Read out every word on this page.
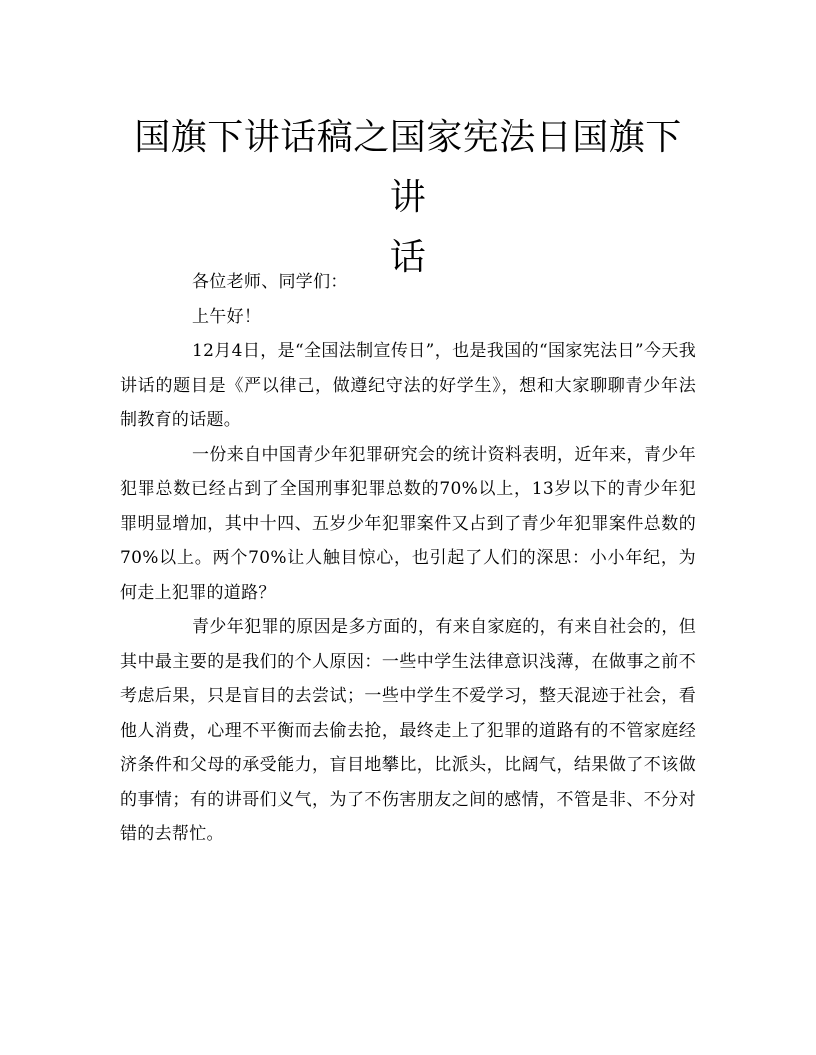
国旗下讲话稿之国家宪法日国旗下讲
话

各位老师、同学们：

上午好！

12月4日，是“全国法制宣传日”，也是我国的“国家宪法日”今天我讲话的题目是《严以律己，做遵纪守法的好学生》，想和大家聊聊青少年法制教育的话题。

一份来自中国青少年犯罪研究会的统计资料表明，近年来，青少年犯罪总数已经占到了全国刑事犯罪总数的70%以上，13岁以下的青少年犯罪明显增加，其中十四、五岁少年犯罪案件又占到了青少年犯罪案件总数的70%以上。两个70%让人触目惊心，也引起了人们的深思：小小年纪，为何走上犯罪的道路？

青少年犯罪的原因是多方面的，有来自家庭的，有来自社会的，但其中最主要的是我们的个人原因：一些中学生法律意识浅薄，在做事之前不考虑后果，只是盲目的去尝试；一些中学生不爱学习，整天混迹于社会，看他人消费，心理不平衡而去偷去抢，最终走上了犯罪的道路有的不管家庭经济条件和父母的承受能力，盲目地攀比，比派头，比阔气，结果做了不该做的事情；有的讲哥们义气，为了不伤害朋友之间的感情，不管是非、不分对错的去帮忙。
